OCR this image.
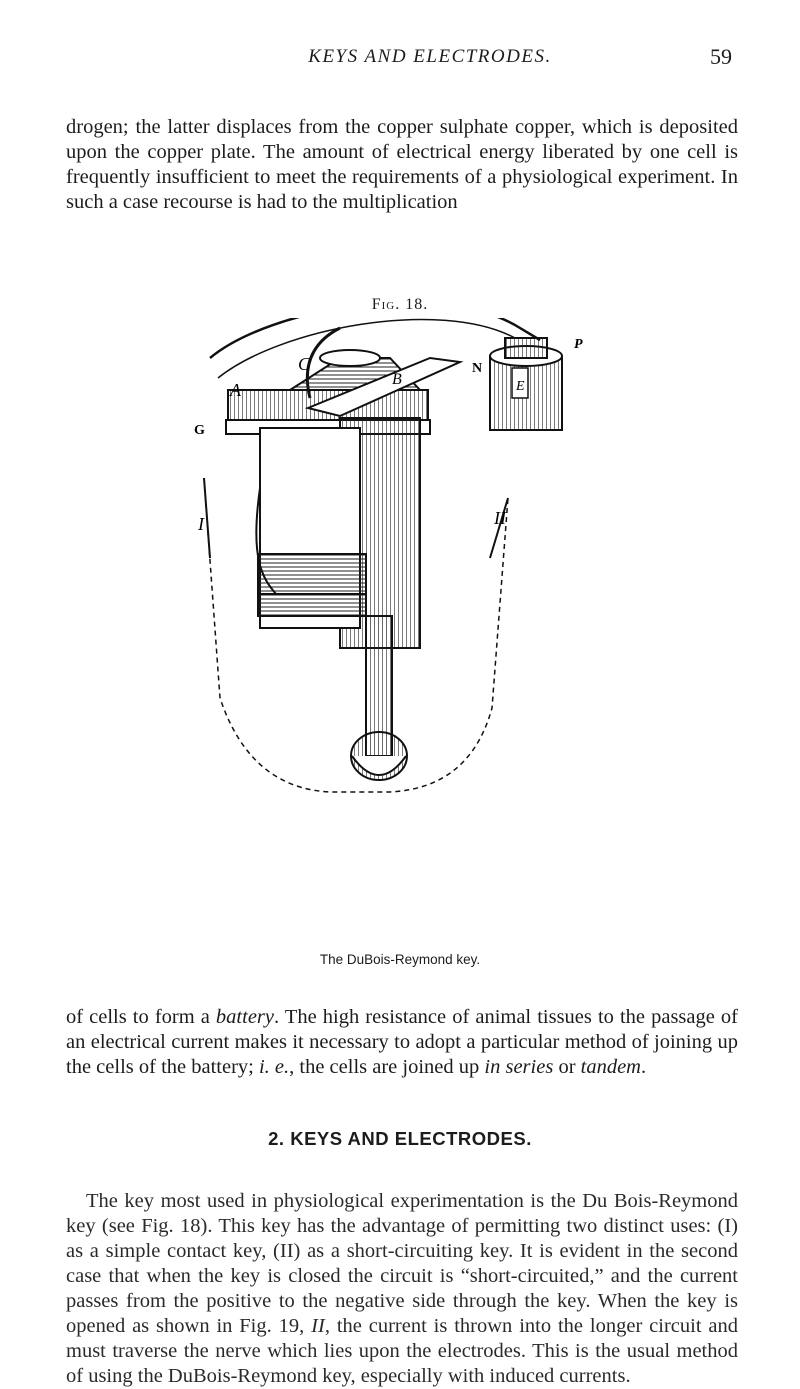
KEYS AND ELECTRODES.	59

drogen; the latter displaces from the copper sulphate copper, which is deposited upon the copper plate. The amount of electrical energy liberated by one cell is frequently insufficient to meet the requirements of a physiological experiment. In such a case recourse is had to the multiplication

Fig. 18.
A
C
B
G
N
P
E
I	II
The DuBois-Reymond key.

of cells to form a battery. The high resistance of animal tissues to the passage of an electrical current makes it necessary to adopt a particular method of joining up the cells of the battery; i. e., the cells are joined up in series or tandem.

2. KEYS AND ELECTRODES.

The key most used in physiological experimentation is the Du Bois-Reymond key (see Fig. 18). This key has the advantage of permitting two distinct uses: (I) as a simple contact key, (II) as a short-circuiting key. It is evident in the second case that when the key is closed the circuit is “short-circuited,” and the current passes from the positive to the negative side through the key. When the key is opened as shown in Fig. 19, II, the current is thrown into the longer circuit and must traverse the nerve which lies upon the electrodes. This is the usual method of using the DuBois-Reymond key, especially with induced currents.
